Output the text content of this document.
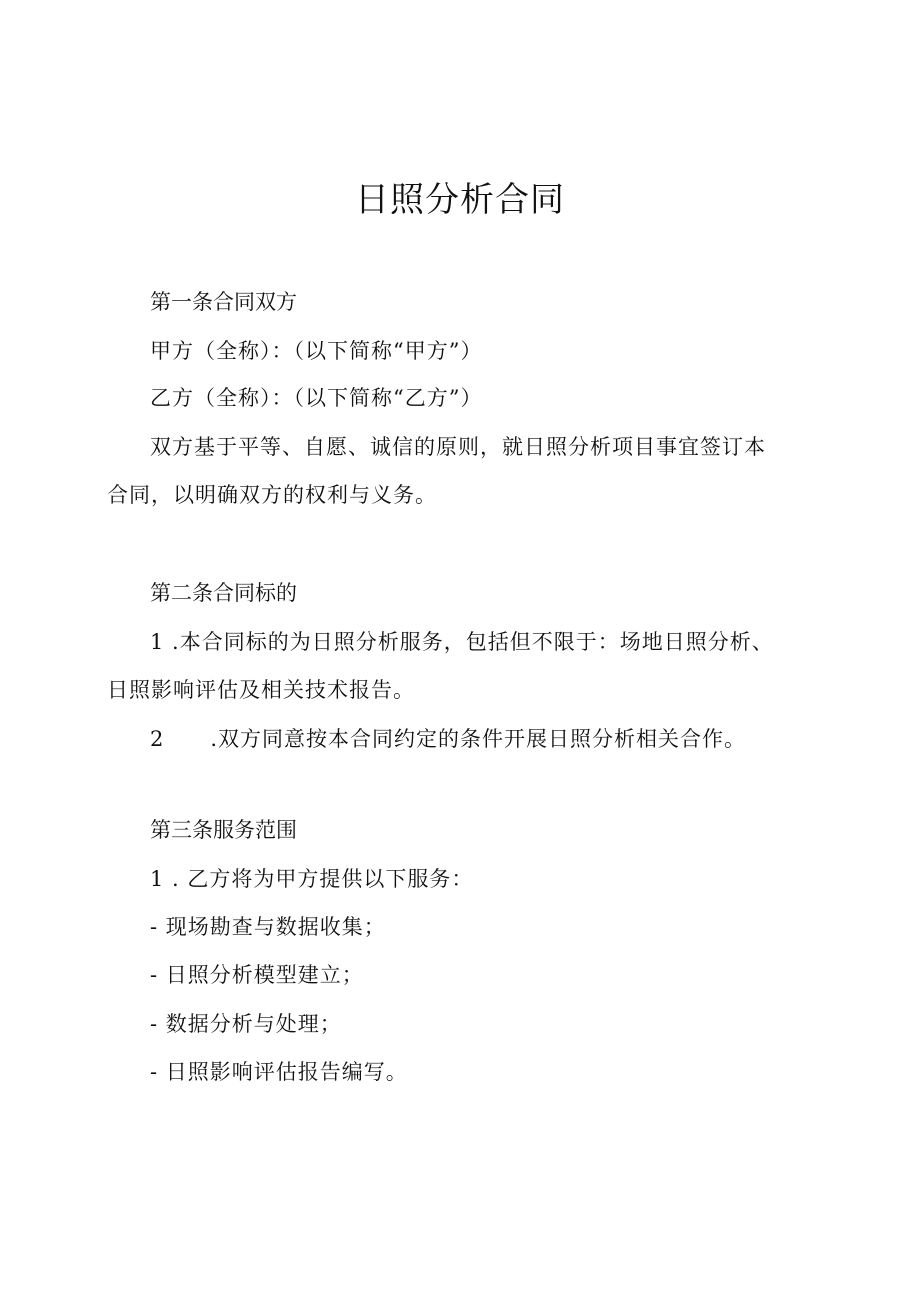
日照分析合同
第一条合同双方

甲方（全称）：（以下简称“甲方”）

乙方（全称）：（以下简称“乙方”）

双方基于平等、自愿、诚信的原则，就日照分析项目事宜签订本

合同，以明确双方的权利与义务。

第二条合同标的

1 .本合同标的为日照分析服务，包括但不限于：场地日照分析、

日照影响评估及相关技术报告。

2 .双方同意按本合同约定的条件开展日照分析相关合作。

第三条服务范围

1 . 乙方将为甲方提供以下服务：

- 现场勘查与数据收集；

- 日照分析模型建立；

- 数据分析与处理；

- 日照影响评估报告编写。
